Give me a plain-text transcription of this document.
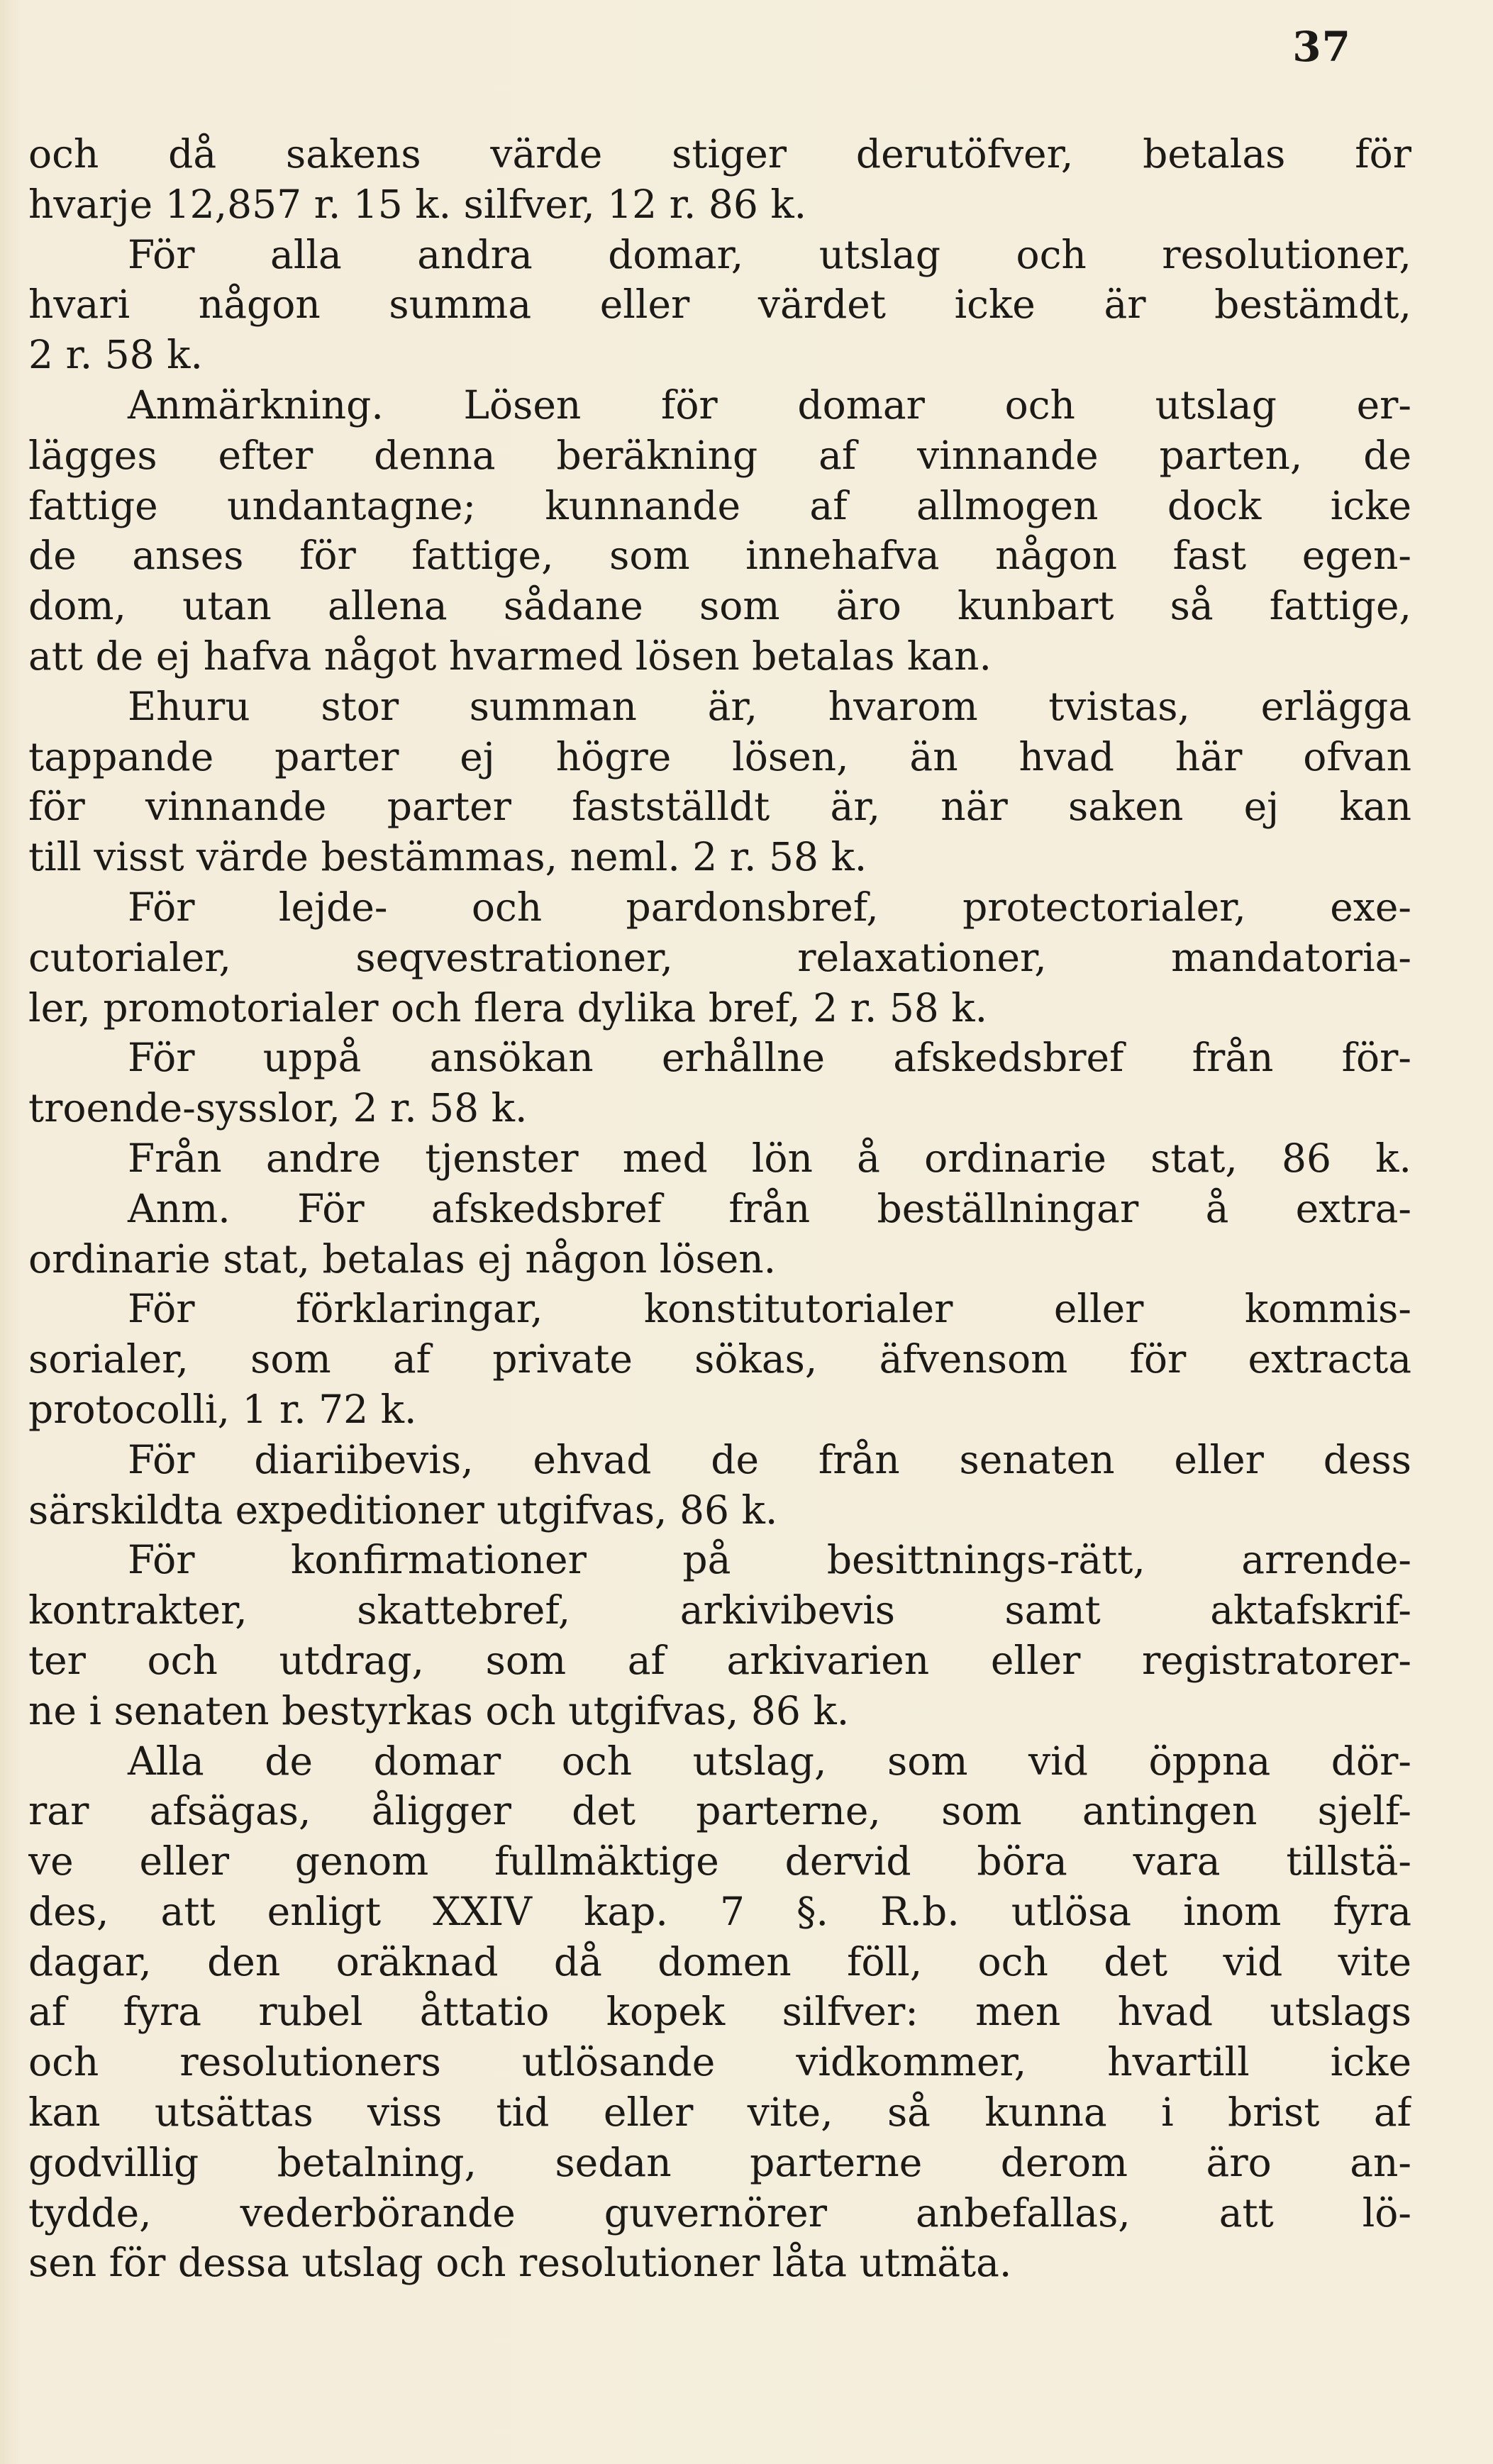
37
och då sakens värde stiger derutöfver, betalas för
hvarje 12,857 r. 15 k. silfver, 12 r. 86 k.
För alla andra domar, utslag och resolutioner,
hvari någon summa eller värdet icke är bestämdt,
2 r. 58 k.
Anmärkning. Lösen för domar och utslag er-
lägges efter denna beräkning af vinnande parten, de
fattige undantagne; kunnande af allmogen dock icke
de anses för fattige, som innehafva någon fast egen-
dom, utan allena sådane som äro kunbart så fattige,
att de ej hafva något hvarmed lösen betalas kan.
Ehuru stor summan är, hvarom tvistas, erlägga
tappande parter ej högre lösen, än hvad här ofvan
för vinnande parter fastställdt är, när saken ej kan
till visst värde bestämmas, neml. 2 r. 58 k.
För lejde- och pardonsbref, protectorialer, exe-
cutorialer, seqvestrationer, relaxationer, mandatoria-
ler, promotorialer och flera dylika bref, 2 r. 58 k.
För uppå ansökan erhållne afskedsbref från för-
troende-sysslor, 2 r. 58 k.
Från andre tjenster med lön å ordinarie stat, 86 k.
Anm. För afskedsbref från beställningar å extra-
ordinarie stat, betalas ej någon lösen.
För förklaringar, konstitutorialer eller kommis-
sorialer, som af private sökas, äfvensom för extracta
protocolli, 1 r. 72 k.
För diariibevis, ehvad de från senaten eller dess
särskildta expeditioner utgifvas, 86 k.
För konfirmationer på besittnings-rätt, arrende-
kontrakter, skattebref, arkivibevis samt aktafskrif-
ter och utdrag, som af arkivarien eller registratorer-
ne i senaten bestyrkas och utgifvas, 86 k.
Alla de domar och utslag, som vid öppna dör-
rar afsägas, åligger det parterne, som antingen sjelf-
ve eller genom fullmäktige dervid böra vara tillstä-
des, att enligt XXIV kap. 7 §. R.b. utlösa inom fyra
dagar, den oräknad då domen föll, och det vid vite
af fyra rubel åttatio kopek silfver: men hvad utslags
och resolutioners utlösande vidkommer, hvartill icke
kan utsättas viss tid eller vite, så kunna i brist af
godvillig betalning, sedan parterne derom äro an-
tydde, vederbörande guvernörer anbefallas, att lö-
sen för dessa utslag och resolutioner låta utmäta.
